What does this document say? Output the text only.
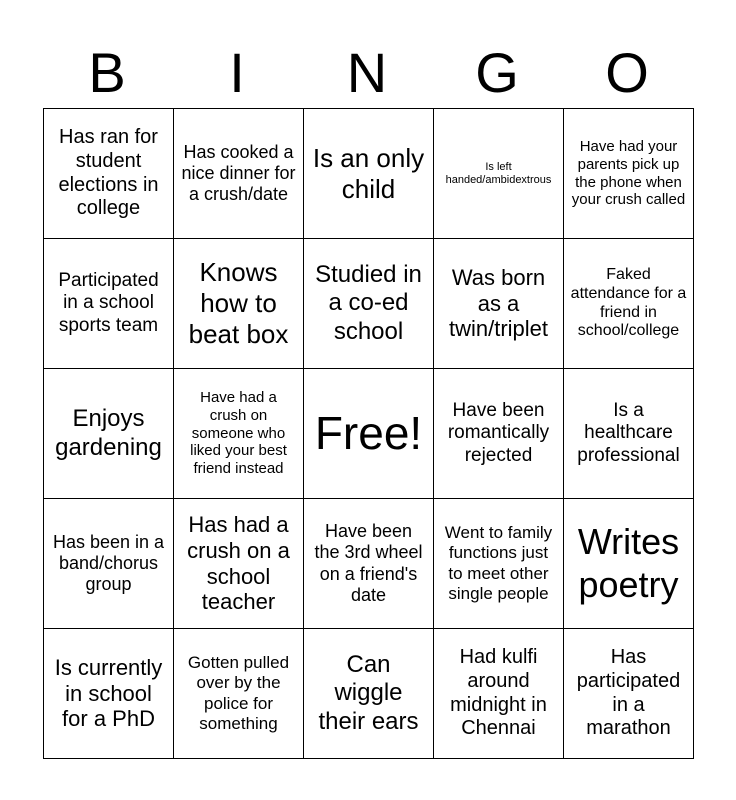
B	I	N	G	O
Has ran for student elections in college	Has cooked a nice dinner for a crush/date	Is an only child	Is left handed/ambidextrous	Have had your parents pick up the phone when your crush called
Participated in a school sports team	Knows how to beat box	Studied in a co-ed school	Was born as a twin/triplet	Faked attendance for a friend in school/college
Enjoys gardening	Have had a crush on someone who liked your best friend instead	Free!	Have been romantically rejected	Is a healthcare professional
Has been in a band/chorus group	Has had a crush on a school teacher	Have been the 3rd wheel on a friend's date	Went to family functions just to meet other single people	Writes poetry
Is currently in school for a PhD	Gotten pulled over by the police for something	Can wiggle their ears	Had kulfi around midnight in Chennai	Has participated in a marathon
